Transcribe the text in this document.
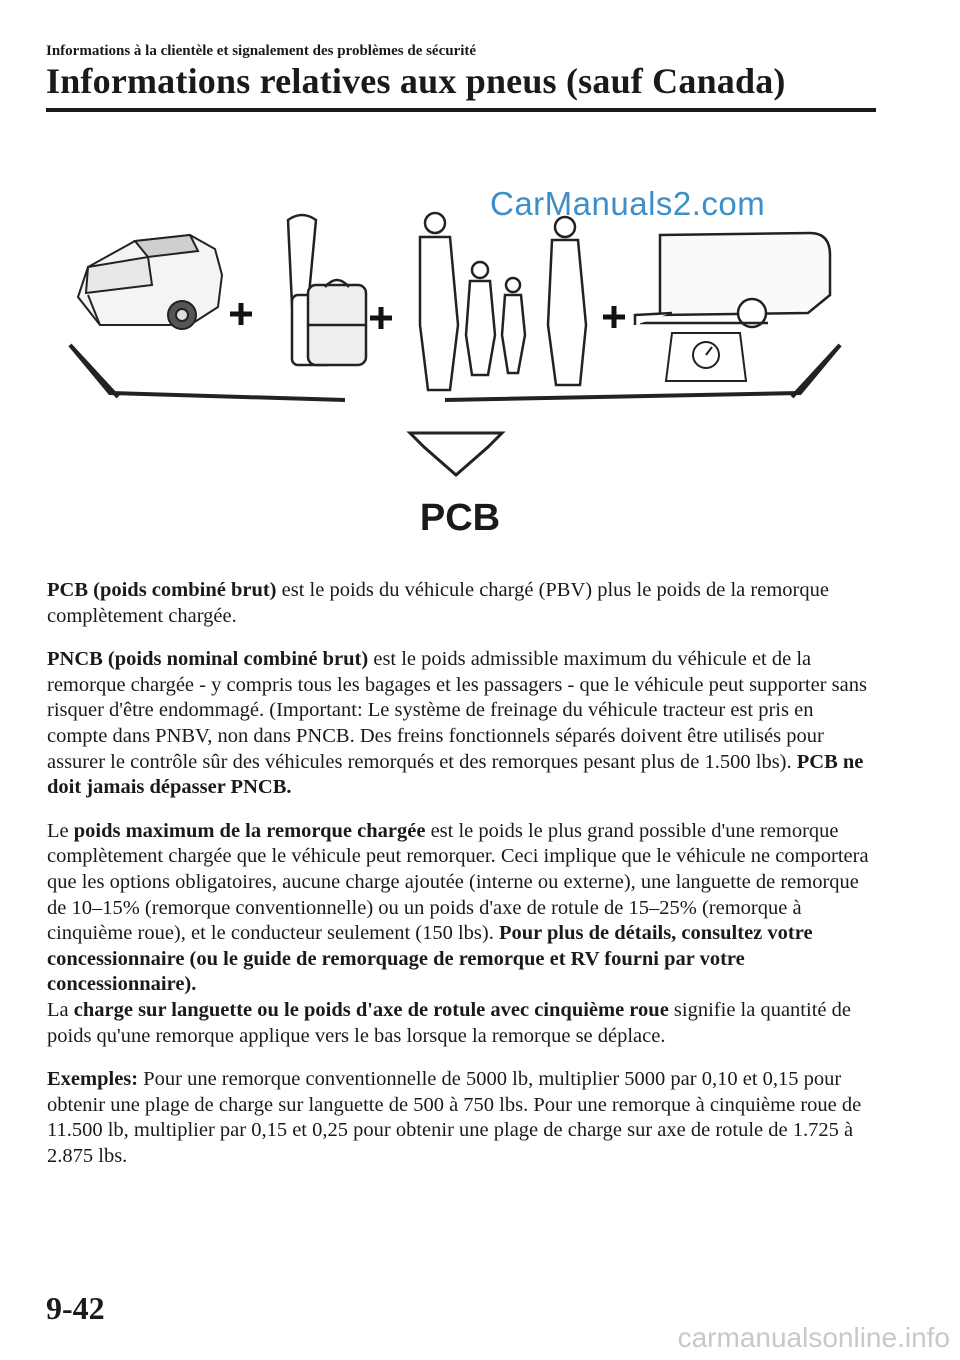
Informations à la clientèle et signalement des problèmes de sécurité
Informations relatives aux pneus (sauf Canada)
CarManuals2.com
PCB

PCB (poids combiné brut) est le poids du véhicule chargé (PBV) plus le poids de la remorque complètement chargée.

PNCB (poids nominal combiné brut) est le poids admissible maximum du véhicule et de la remorque chargée - y compris tous les bagages et les passagers - que le véhicule peut supporter sans risquer d'être endommagé. (Important: Le système de freinage du véhicule tracteur est pris en compte dans PNBV, non dans PNCB. Des freins fonctionnels séparés doivent être utilisés pour assurer le contrôle sûr des véhicules remorqués et des remorques pesant plus de 1.500 lbs). PCB ne doit jamais dépasser PNCB.

Le poids maximum de la remorque chargée est le poids le plus grand possible d'une remorque complètement chargée que le véhicule peut remorquer. Ceci implique que le véhicule ne comportera que les options obligatoires, aucune charge ajoutée (interne ou externe), une languette de remorque de 10–15% (remorque conventionnelle) ou un poids d'axe de rotule de 15–25% (remorque à cinquième roue), et le conducteur seulement (150 lbs). Pour plus de détails, consultez votre concessionnaire (ou le guide de remorquage de remorque et RV fourni par votre concessionnaire).

La charge sur languette ou le poids d'axe de rotule avec cinquième roue signifie la quantité de poids qu'une remorque applique vers le bas lorsque la remorque se déplace.

Exemples: Pour une remorque conventionnelle de 5000 lb, multiplier 5000 par 0,10 et 0,15 pour obtenir une plage de charge sur languette de 500 à 750 lbs. Pour une remorque à cinquième roue de 11.500 lb, multiplier par 0,15 et 0,25 pour obtenir une plage de charge sur axe de rotule de 1.725 à 2.875 lbs.

9-42
carmanualsonline.info
